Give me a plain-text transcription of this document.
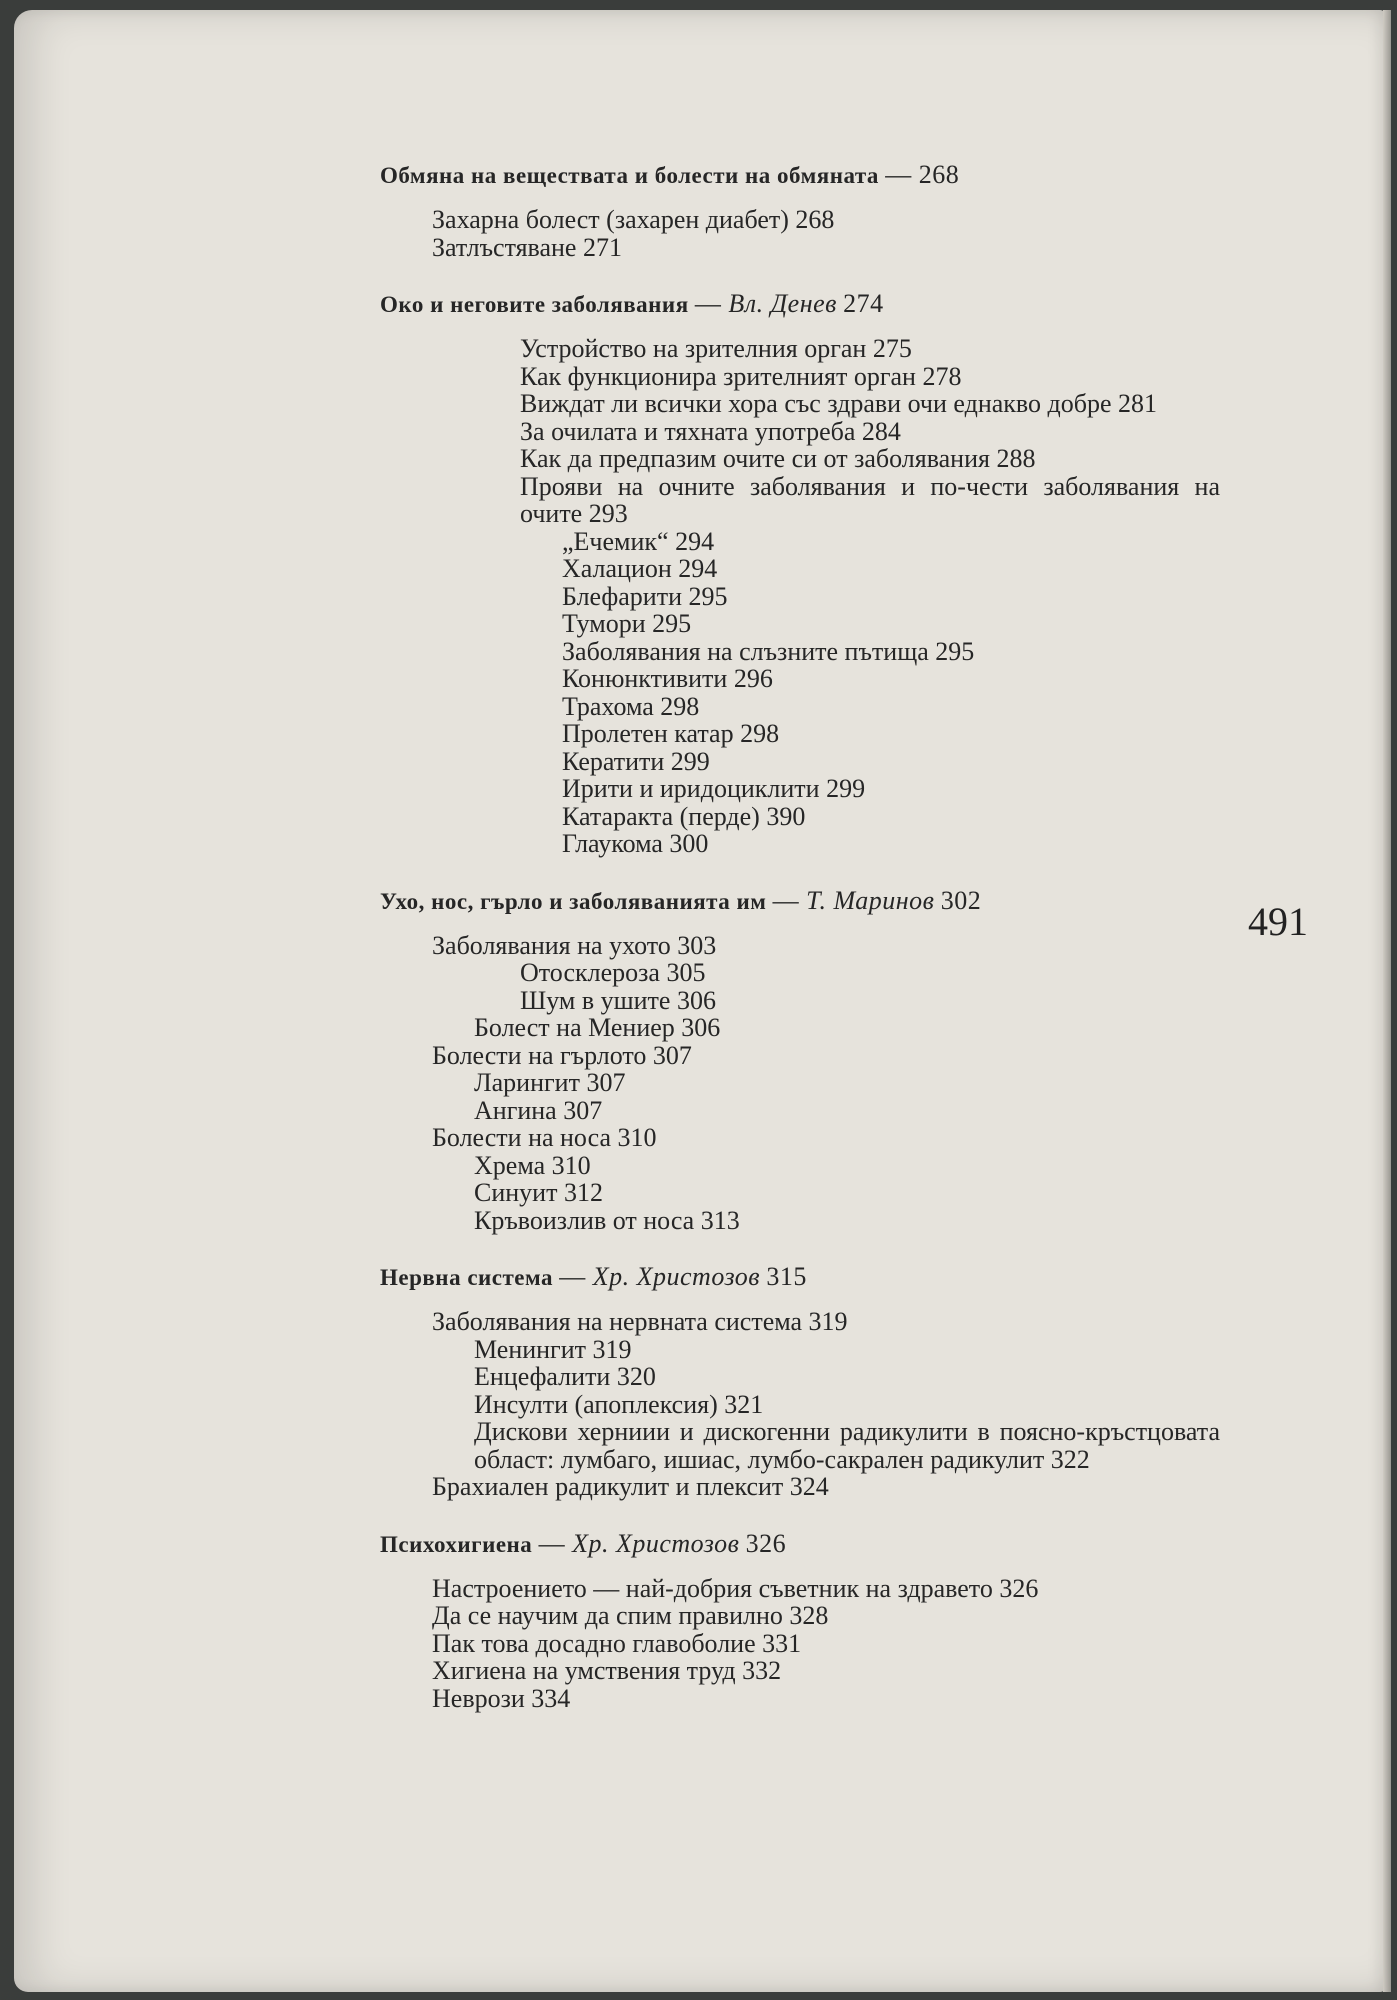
Обмяна на веществата и болести на обмяната — 268
Захарна болест (захарен диабет) 268
Затлъстяване 271
Око и неговите заболявания — Вл. Денев 274
Устройство на зрителния орган 275
Как функционира зрителният орган 278
Виждат ли всички хора със здрави очи еднакво добре 281
За очилата и тяхната употреба 284
Как да предпазим очите си от заболявания 288
Прояви на очните заболявания и по-чести заболявания на очите 293
„Ечемик“ 294
Халацион 294
Блефарити 295
Тумори 295
Заболявания на слъзните пътища 295
Конюнктивити 296
Трахома 298
Пролетен катар 298
Кератити 299
Ирити и иридоциклити 299
Катаракта (перде) 390
Глаукома 300
Ухо, нос, гърло и заболяванията им — Т. Маринов 302
Заболявания на ухото 303
Отосклероза 305
Шум в ушите 306
Болест на Мениер 306
Болести на гърлото 307
Ларингит 307
Ангина 307
Болести на носа 310
Хрема 310
Синуит 312
Кръвоизлив от носа 313
Нервна система — Хр. Христозов 315
Заболявания на нервната система 319
Менингит 319
Енцефалити 320
Инсулти (апоплексия) 321
Дискови херниии и дискогенни радикулити в поясно-кръстцовата област: лумбаго, ишиас, лумбо-сакрален радикулит 322
Брахиален радикулит и плексит 324
Психохигиена — Хр. Христозов 326
Настроението — най-добрия съветник на здравето 326
Да се научим да спим правилно 328
Пак това досадно главоболие 331
Хигиена на умствения труд 332
Неврози 334
491
